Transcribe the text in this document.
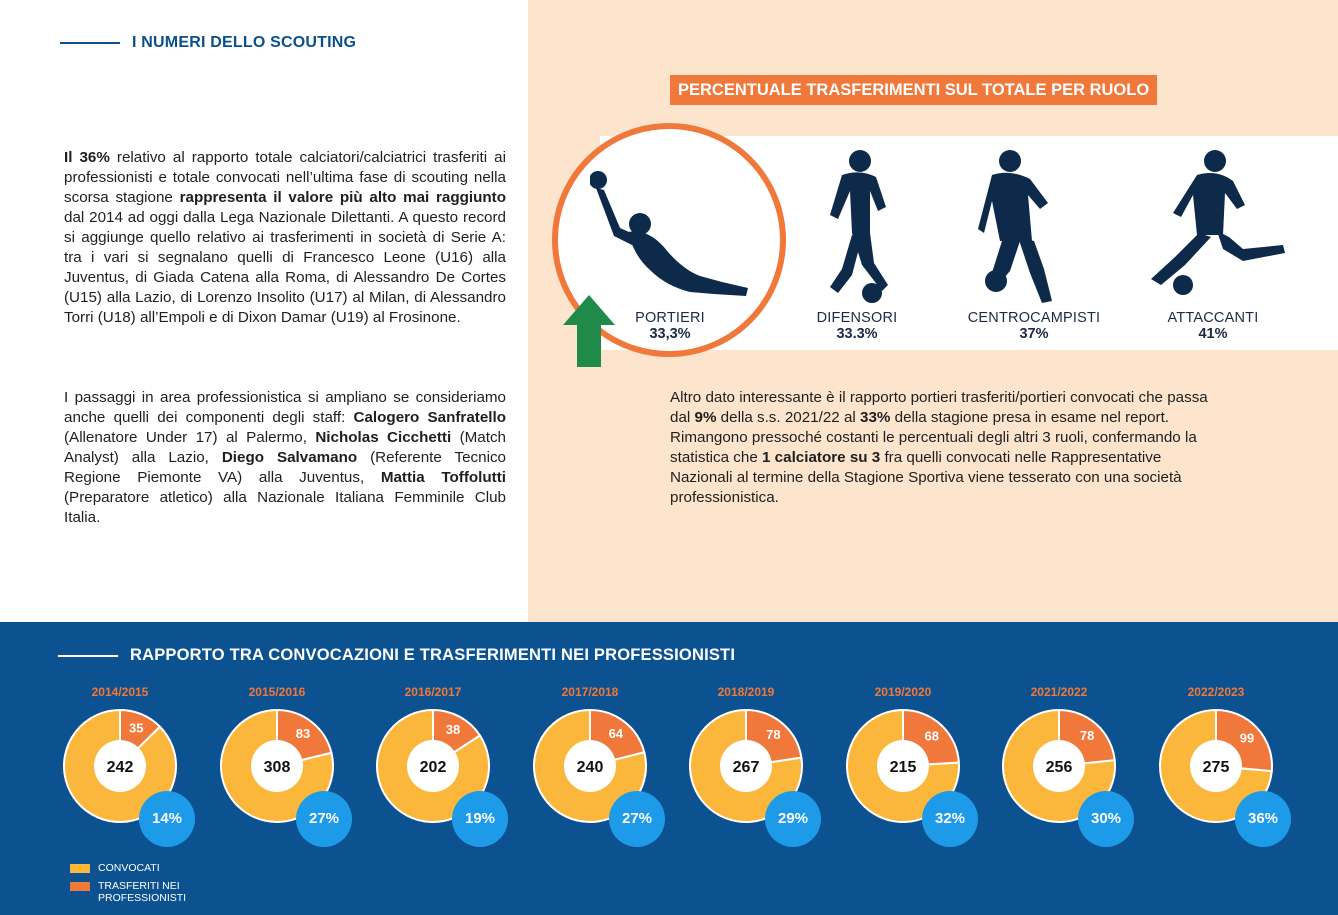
I NUMERI DELLO SCOUTING

Il 36% relativo al rapporto totale calciatori/calciatrici trasferiti ai professionisti e totale convocati nell’ultima fase di scouting nella scorsa stagione rappresenta il valore più alto mai raggiunto dal 2014 ad oggi dalla Lega Nazionale Dilettanti. A questo record si aggiunge quello relativo ai trasferimenti in società di Serie A: tra i vari si segnalano quelli di Francesco Leone (U16) alla Juventus, di Giada Catena alla Roma, di Alessandro De Cortes (U15) alla Lazio, di Lorenzo Insolito (U17) al Milan, di Alessandro Torri (U18) all’Empoli e di Dixon Damar (U19) al Frosinone.

I passaggi in area professionistica si ampliano se consideriamo anche quelli dei componenti degli staff: Calogero Sanfratello (Allenatore Under 17) al Palermo, Nicholas Cicchetti (Match Analyst) alla Lazio, Diego Salvamano (Referente Tecnico Regione Piemonte VA) alla Juventus, Mattia Toffolutti (Preparatore atletico) alla Nazionale Italiana Femminile Club Italia.

PERCENTUALE TRASFERIMENTI SUL TOTALE PER RUOLO
PORTIERI
33,3%
DIFENSORI
33.3%
CENTROCAMPISTI
37%
ATTACCANTI
41%

Altro dato interessante è il rapporto portieri trasferiti/portieri convocati che passa dal 9% della s.s. 2021/22 al 33% della stagione presa in esame nel report. Rimangono pressoché costanti le percentuali degli altri 3 ruoli, confermando la statistica che 1 calciatore su 3 fra quelli convocati nelle Rappresentative Nazionali al termine della Stagione Sportiva viene tesserato con una società professionistica.

RAPPORTO TRA CONVOCAZIONI E TRASFERIMENTI NEI PROFESSIONISTI
2014/2015
242
35
14%
2015/2016
308
83
27%
2016/2017
202
38
19%
2017/2018
240
64
27%
2018/2019
267
78
29%
2019/2020
215
68
32%
2021/2022
256
78
30%
2022/2023
275
99
36%
CONVOCATI
TRASFERITI NEI PROFESSIONISTI
